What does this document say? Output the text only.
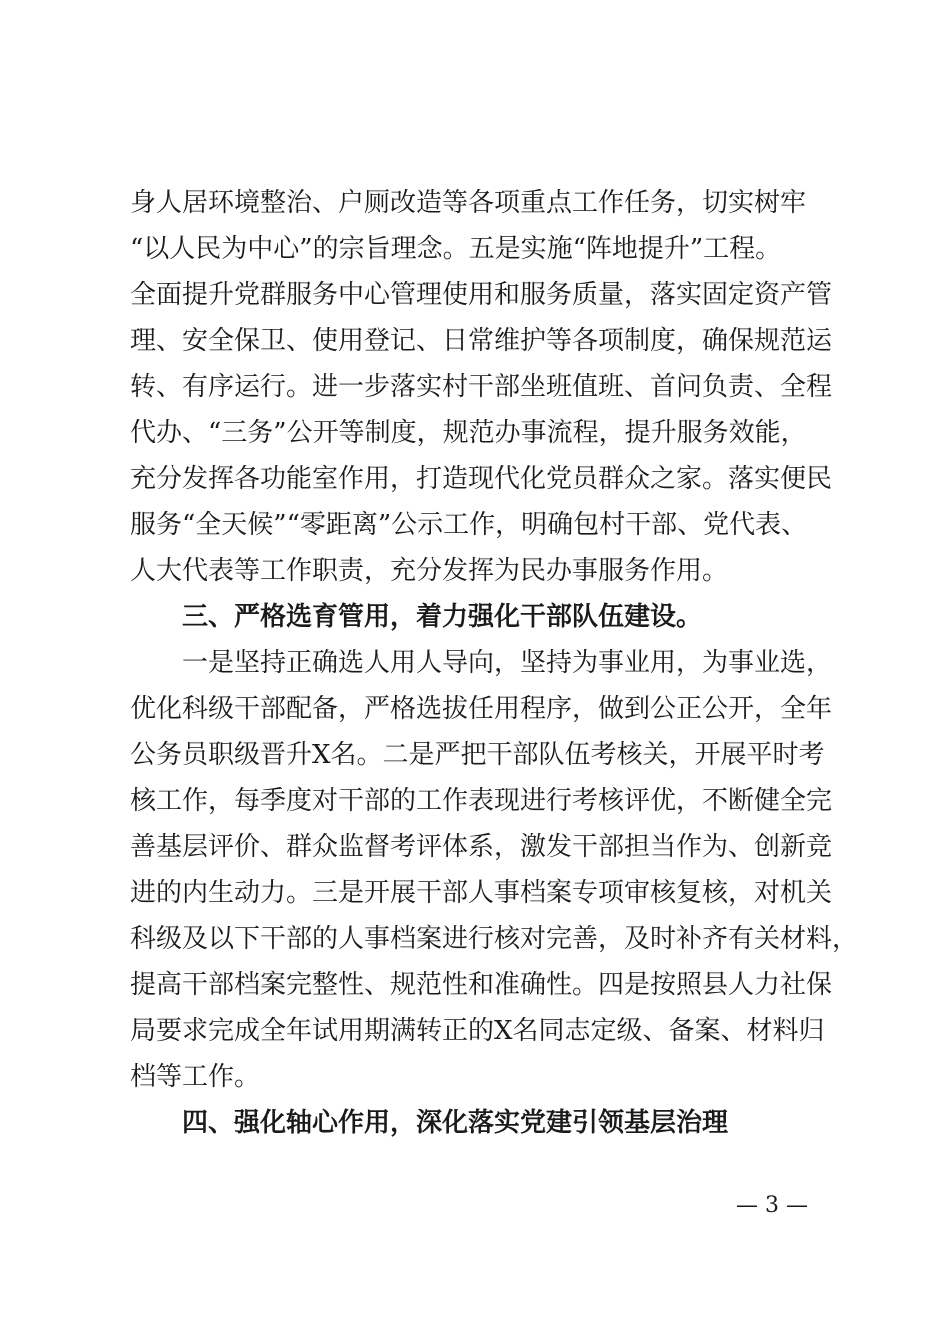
身人居环境整治、户厕改造等各项重点工作任务，切实树牢
“以人民为中心”的宗旨理念。五是实施“阵地提升”工程。
全面提升党群服务中心管理使用和服务质量，落实固定资产管
理、安全保卫、使用登记、日常维护等各项制度，确保规范运
转、有序运行。进一步落实村干部坐班值班、首问负责、全程
代办、“三务”公开等制度，规范办事流程，提升服务效能，
充分发挥各功能室作用，打造现代化党员群众之家。落实便民
服务“全天候”“零距离”公示工作，明确包村干部、党代表、
人大代表等工作职责，充分发挥为民办事服务作用。
三、严格选育管用，着力强化干部队伍建设。
一是坚持正确选人用人导向，坚持为事业用，为事业选，
优化科级干部配备，严格选拔任用程序，做到公正公开，全年
公务员职级晋升X名。二是严把干部队伍考核关，开展平时考
核工作，每季度对干部的工作表现进行考核评优，不断健全完
善基层评价、群众监督考评体系，激发干部担当作为、创新竞
进的内生动力。三是开展干部人事档案专项审核复核，对机关
科级及以下干部的人事档案进行核对完善，及时补齐有关材料，
提高干部档案完整性、规范性和准确性。四是按照县人力社保
局要求完成全年试用期满转正的X名同志定级、备案、材料归
档等工作。
四、强化轴心作用，深化落实党建引领基层治理
— 3 —
